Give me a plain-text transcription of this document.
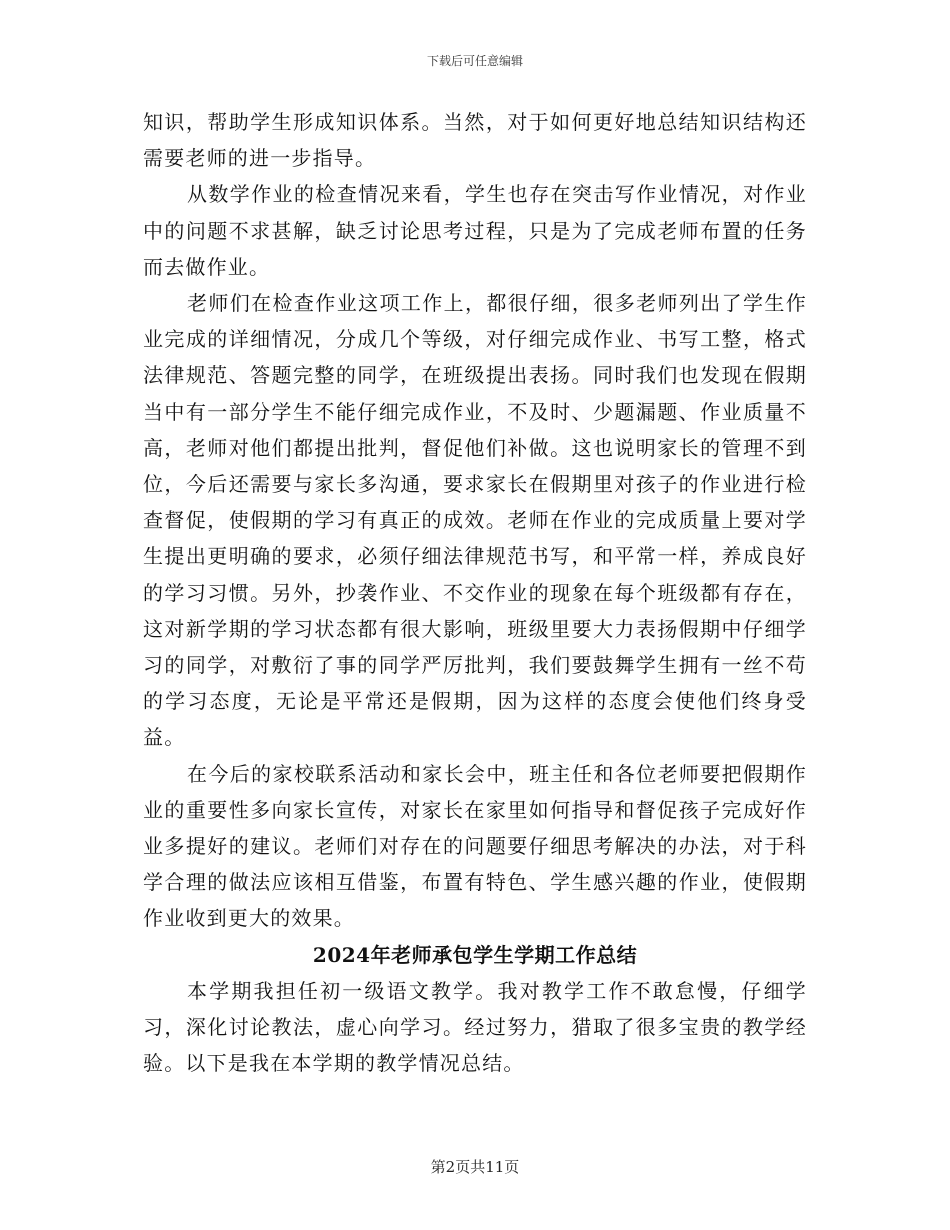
下载后可任意编辑

知识，帮助学生形成知识体系。当然，对于如何更好地总结知识结构还需要老师的进一步指导。

从数学作业的检查情况来看，学生也存在突击写作业情况，对作业中的问题不求甚解，缺乏讨论思考过程，只是为了完成老师布置的任务而去做作业。

老师们在检查作业这项工作上，都很仔细，很多老师列出了学生作业完成的详细情况，分成几个等级，对仔细完成作业、书写工整，格式法律规范、答题完整的同学，在班级提出表扬。同时我们也发现在假期当中有一部分学生不能仔细完成作业，不及时、少题漏题、作业质量不高，老师对他们都提出批判，督促他们补做。这也说明家长的管理不到位，今后还需要与家长多沟通，要求家长在假期里对孩子的作业进行检查督促，使假期的学习有真正的成效。老师在作业的完成质量上要对学生提出更明确的要求，必须仔细法律规范书写，和平常一样，养成良好的学习习惯。另外，抄袭作业、不交作业的现象在每个班级都有存在，这对新学期的学习状态都有很大影响，班级里要大力表扬假期中仔细学习的同学，对敷衍了事的同学严厉批判，我们要鼓舞学生拥有一丝不苟的学习态度，无论是平常还是假期，因为这样的态度会使他们终身受益。

在今后的家校联系活动和家长会中，班主任和各位老师要把假期作业的重要性多向家长宣传，对家长在家里如何指导和督促孩子完成好作业多提好的建议。老师们对存在的问题要仔细思考解决的办法，对于科学合理的做法应该相互借鉴，布置有特色、学生感兴趣的作业，使假期作业收到更大的效果。

2024年老师承包学生学期工作总结

本学期我担任初一级语文教学。我对教学工作不敢怠慢，仔细学习，深化讨论教法，虚心向学习。经过努力，猎取了很多宝贵的教学经验。以下是我在本学期的教学情况总结。

第2页共11页
